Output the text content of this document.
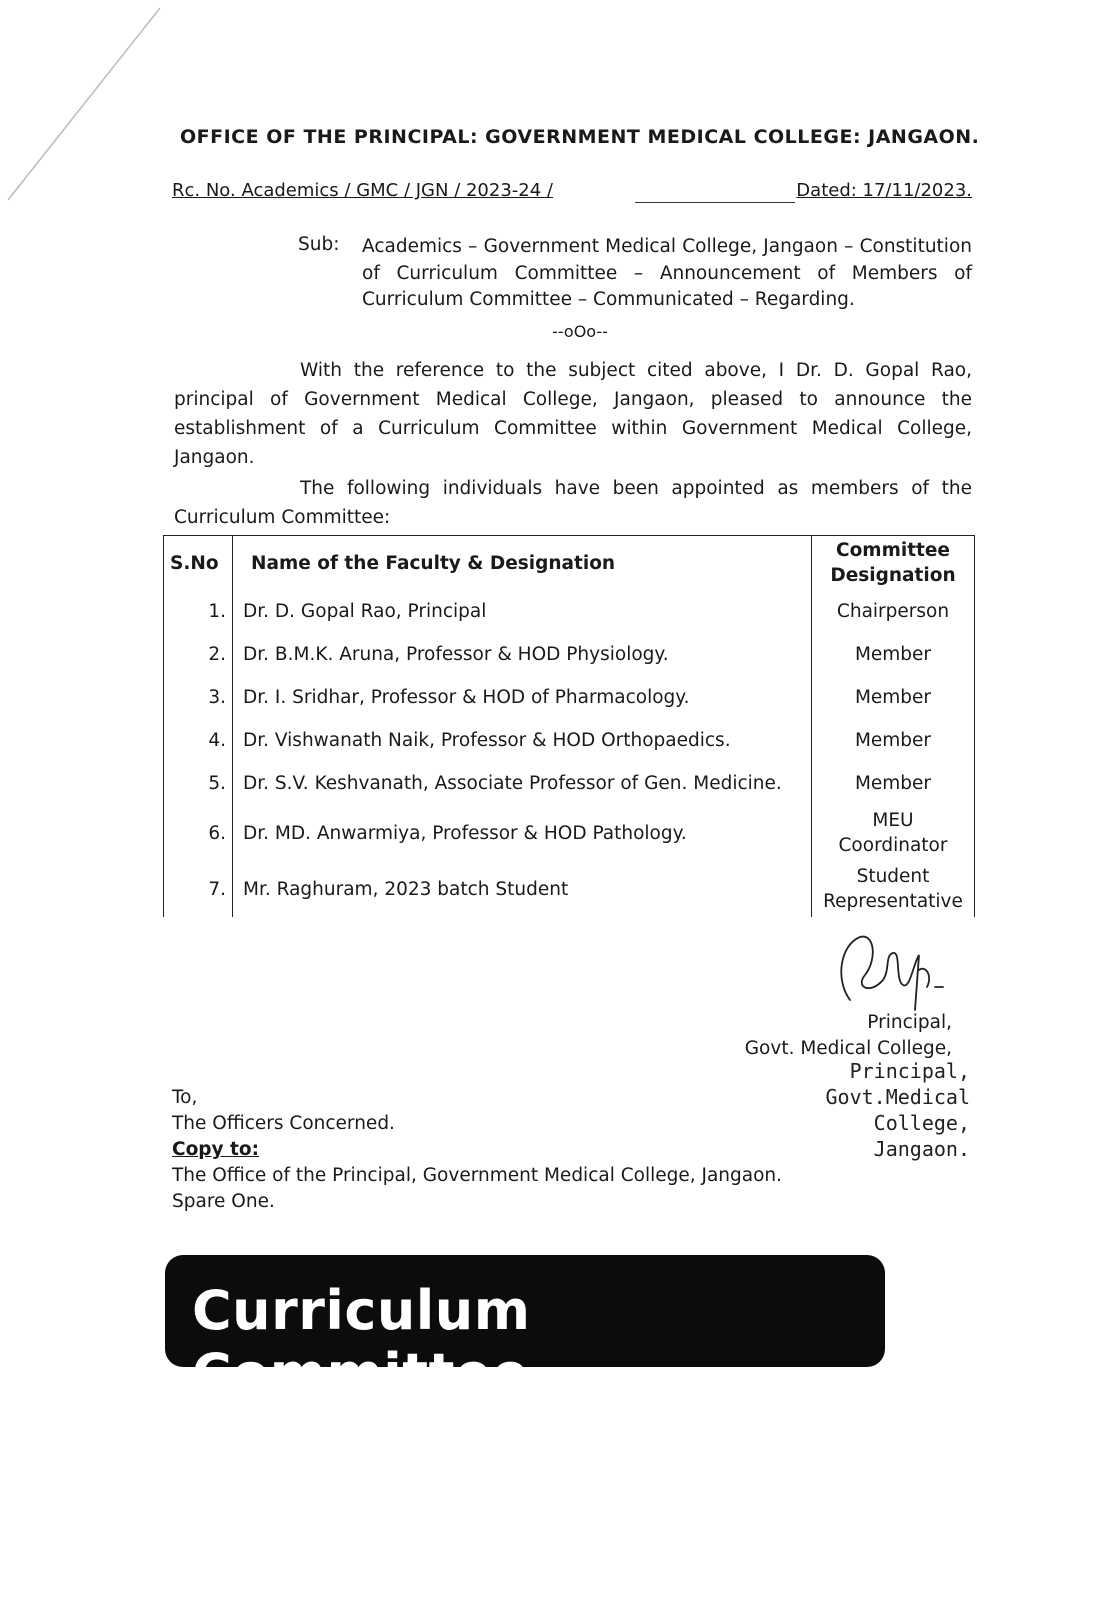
OFFICE OF THE PRINCIPAL: GOVERNMENT MEDICAL COLLEGE: JANGAON.
Rc. No. Academics / GMC / JGN / 2023-24 /	Dated: 17/11/2023.
Sub: Academics – Government Medical College, Jangaon – Constitution of Curriculum Committee – Announcement of Members of Curriculum Committee – Communicated – Regarding.
--oOo--
With the reference to the subject cited above, I Dr. D. Gopal Rao, principal of Government Medical College, Jangaon, pleased to announce the establishment of a Curriculum Committee within Government Medical College, Jangaon.
The following individuals have been appointed as members of the Curriculum Committee:
S.No	Name of the Faculty & Designation	Committee Designation
1.	Dr. D. Gopal Rao, Principal	Chairperson
2.	Dr. B.M.K. Aruna, Professor & HOD Physiology.	Member
3.	Dr. I. Sridhar, Professor & HOD of Pharmacology.	Member
4.	Dr. Vishwanath Naik, Professor & HOD Orthopaedics.	Member
5.	Dr. S.V. Keshvanath, Associate Professor of Gen. Medicine.	Member
6.	Dr. MD. Anwarmiya, Professor & HOD Pathology.	MEU Coordinator
7.	Mr. Raghuram, 2023 batch Student	Student Representative
Principal,
Govt. Medical College,
Principal,
Govt.Medical College,
Jangaon.
To,
The Officers Concerned.
Copy to:
The Office of the Principal, Government Medical College, Jangaon.
Spare One.
Curriculum Committee
